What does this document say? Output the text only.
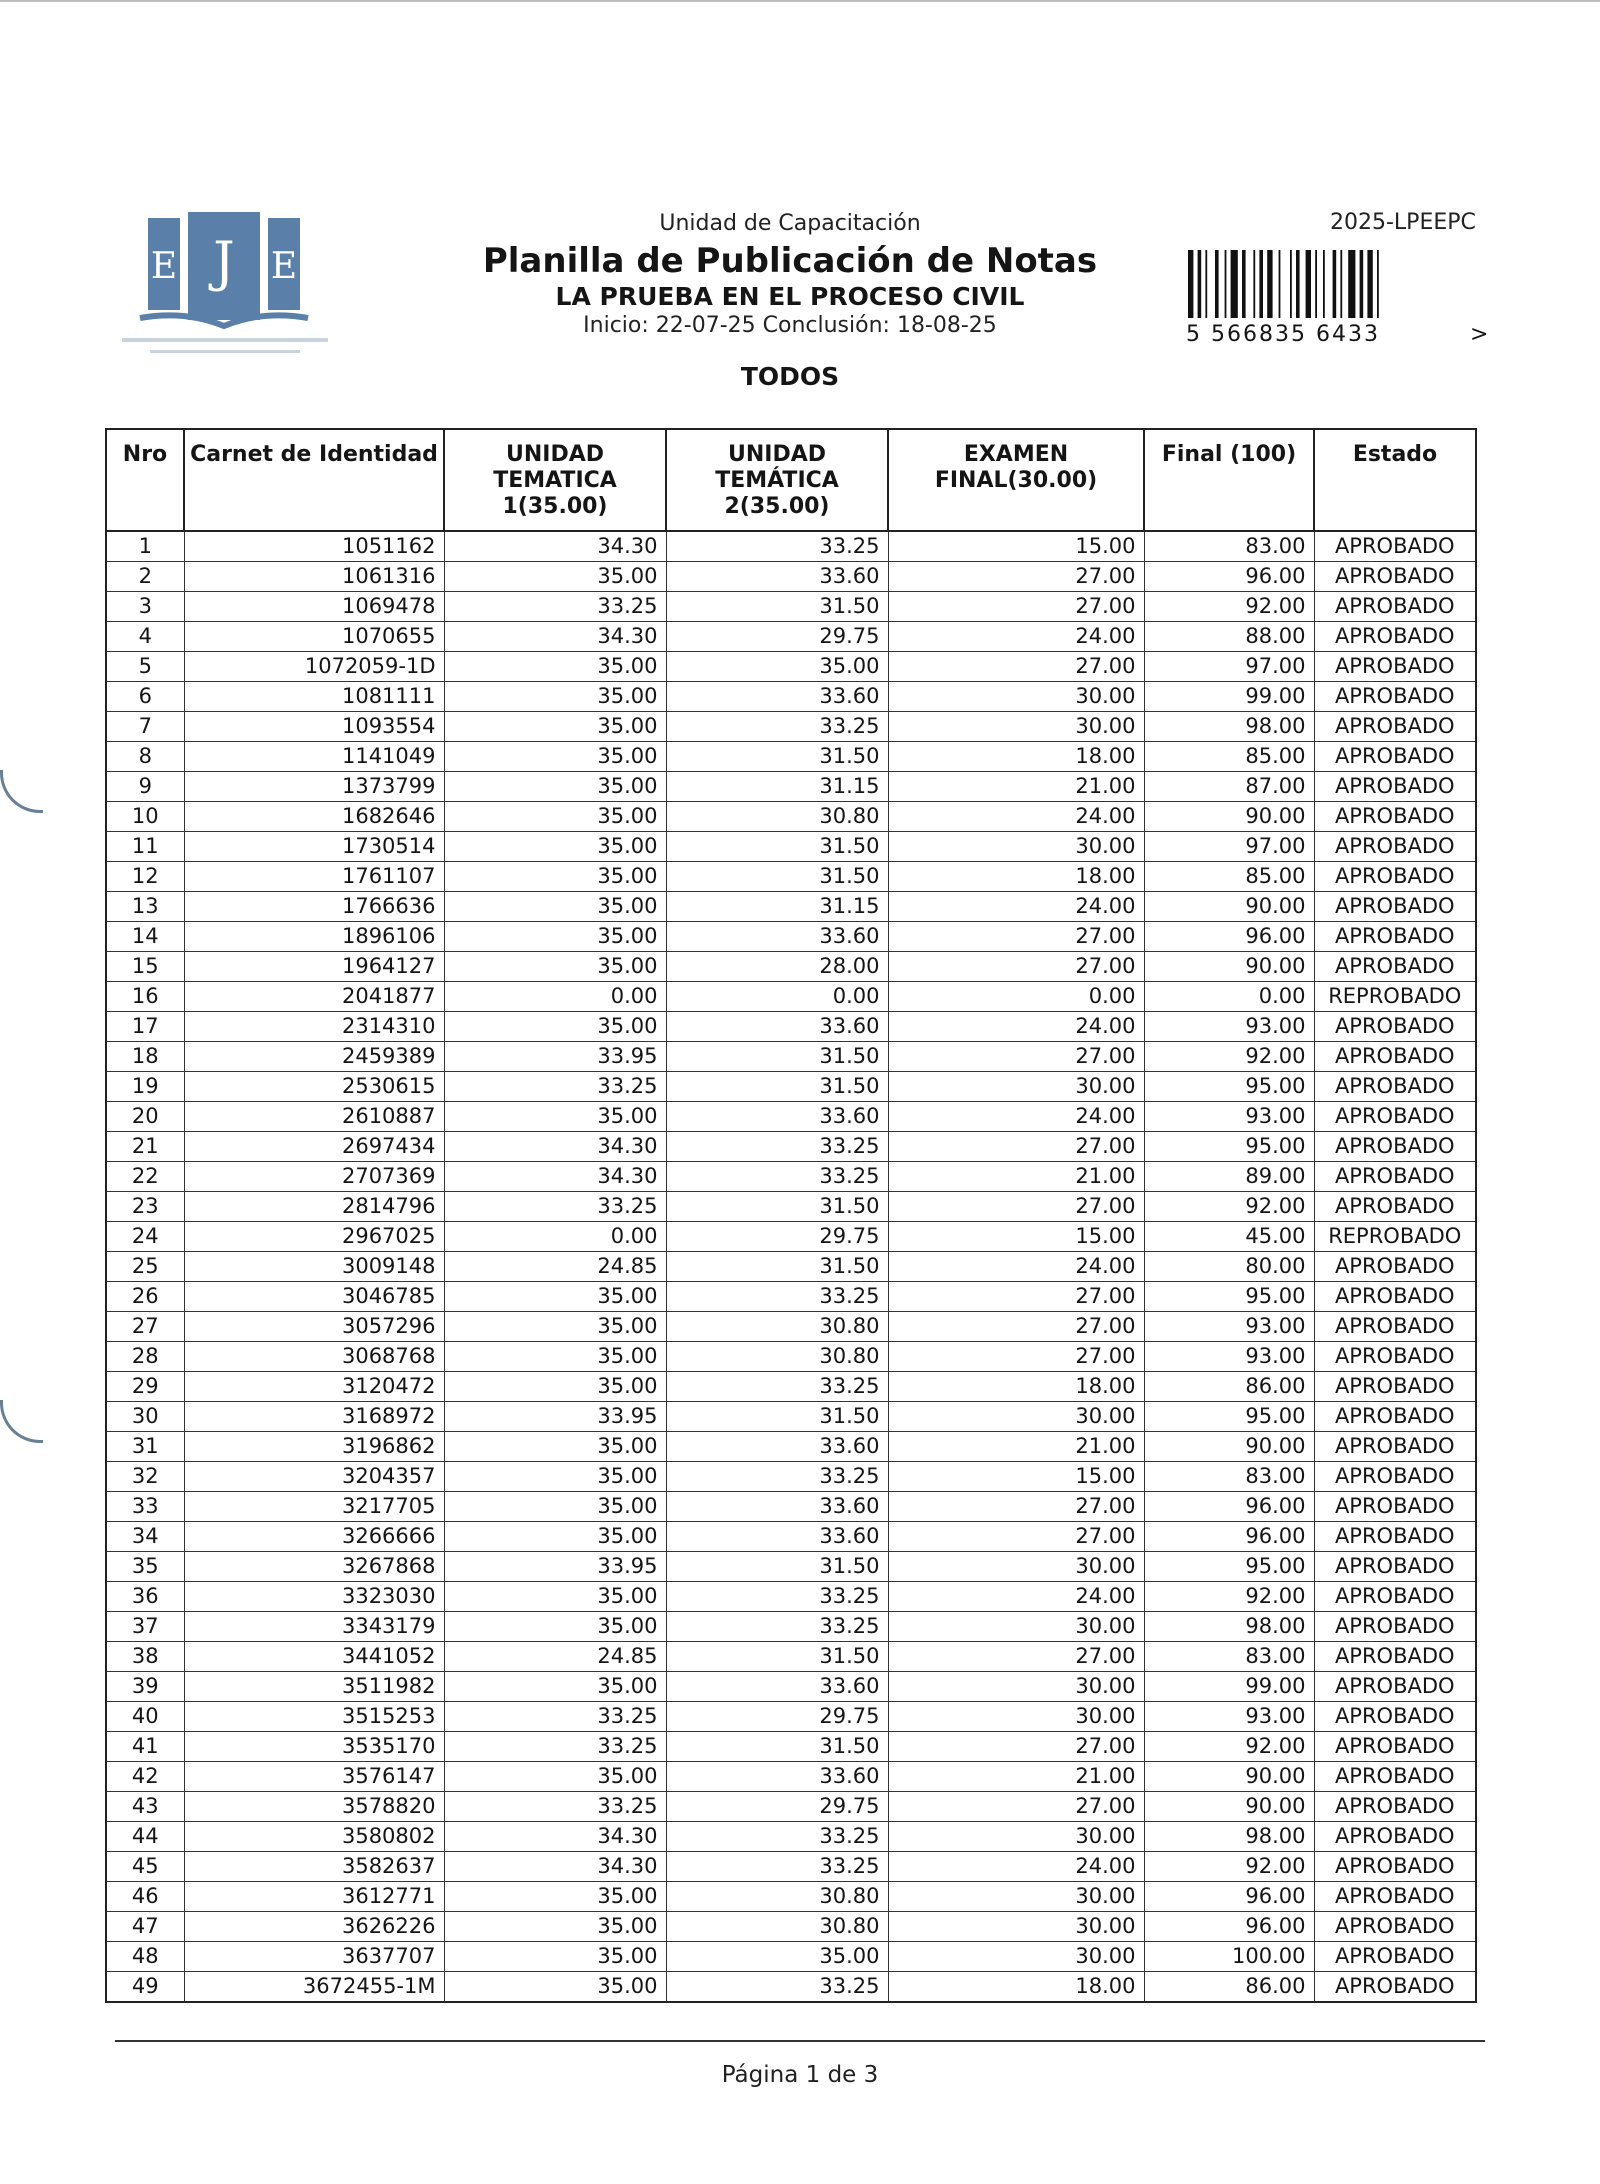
E J E
Unidad de Capacitación
Planilla de Publicación de Notas
LA PRUEBA EN EL PROCESO CIVIL
Inicio: 22-07-25 Conclusión: 18-08-25
TODOS
2025-LPEEPC
5 566835 6433	>
Nro	Carnet de Identidad	UNIDAD TEMATICA 1(35.00)	UNIDAD TEMÁTICA 2(35.00)	EXAMEN FINAL(30.00)	Final (100)	Estado
1	1051162	34.30	33.25	15.00	83.00	APROBADO
2	1061316	35.00	33.60	27.00	96.00	APROBADO
3	1069478	33.25	31.50	27.00	92.00	APROBADO
4	1070655	34.30	29.75	24.00	88.00	APROBADO
5	1072059-1D	35.00	35.00	27.00	97.00	APROBADO
6	1081111	35.00	33.60	30.00	99.00	APROBADO
7	1093554	35.00	33.25	30.00	98.00	APROBADO
8	1141049	35.00	31.50	18.00	85.00	APROBADO
9	1373799	35.00	31.15	21.00	87.00	APROBADO
10	1682646	35.00	30.80	24.00	90.00	APROBADO
11	1730514	35.00	31.50	30.00	97.00	APROBADO
12	1761107	35.00	31.50	18.00	85.00	APROBADO
13	1766636	35.00	31.15	24.00	90.00	APROBADO
14	1896106	35.00	33.60	27.00	96.00	APROBADO
15	1964127	35.00	28.00	27.00	90.00	APROBADO
16	2041877	0.00	0.00	0.00	0.00	REPROBADO
17	2314310	35.00	33.60	24.00	93.00	APROBADO
18	2459389	33.95	31.50	27.00	92.00	APROBADO
19	2530615	33.25	31.50	30.00	95.00	APROBADO
20	2610887	35.00	33.60	24.00	93.00	APROBADO
21	2697434	34.30	33.25	27.00	95.00	APROBADO
22	2707369	34.30	33.25	21.00	89.00	APROBADO
23	2814796	33.25	31.50	27.00	92.00	APROBADO
24	2967025	0.00	29.75	15.00	45.00	REPROBADO
25	3009148	24.85	31.50	24.00	80.00	APROBADO
26	3046785	35.00	33.25	27.00	95.00	APROBADO
27	3057296	35.00	30.80	27.00	93.00	APROBADO
28	3068768	35.00	30.80	27.00	93.00	APROBADO
29	3120472	35.00	33.25	18.00	86.00	APROBADO
30	3168972	33.95	31.50	30.00	95.00	APROBADO
31	3196862	35.00	33.60	21.00	90.00	APROBADO
32	3204357	35.00	33.25	15.00	83.00	APROBADO
33	3217705	35.00	33.60	27.00	96.00	APROBADO
34	3266666	35.00	33.60	27.00	96.00	APROBADO
35	3267868	33.95	31.50	30.00	95.00	APROBADO
36	3323030	35.00	33.25	24.00	92.00	APROBADO
37	3343179	35.00	33.25	30.00	98.00	APROBADO
38	3441052	24.85	31.50	27.00	83.00	APROBADO
39	3511982	35.00	33.60	30.00	99.00	APROBADO
40	3515253	33.25	29.75	30.00	93.00	APROBADO
41	3535170	33.25	31.50	27.00	92.00	APROBADO
42	3576147	35.00	33.60	21.00	90.00	APROBADO
43	3578820	33.25	29.75	27.00	90.00	APROBADO
44	3580802	34.30	33.25	30.00	98.00	APROBADO
45	3582637	34.30	33.25	24.00	92.00	APROBADO
46	3612771	35.00	30.80	30.00	96.00	APROBADO
47	3626226	35.00	30.80	30.00	96.00	APROBADO
48	3637707	35.00	35.00	30.00	100.00	APROBADO
49	3672455-1M	35.00	33.25	18.00	86.00	APROBADO
Página 1 de 3
